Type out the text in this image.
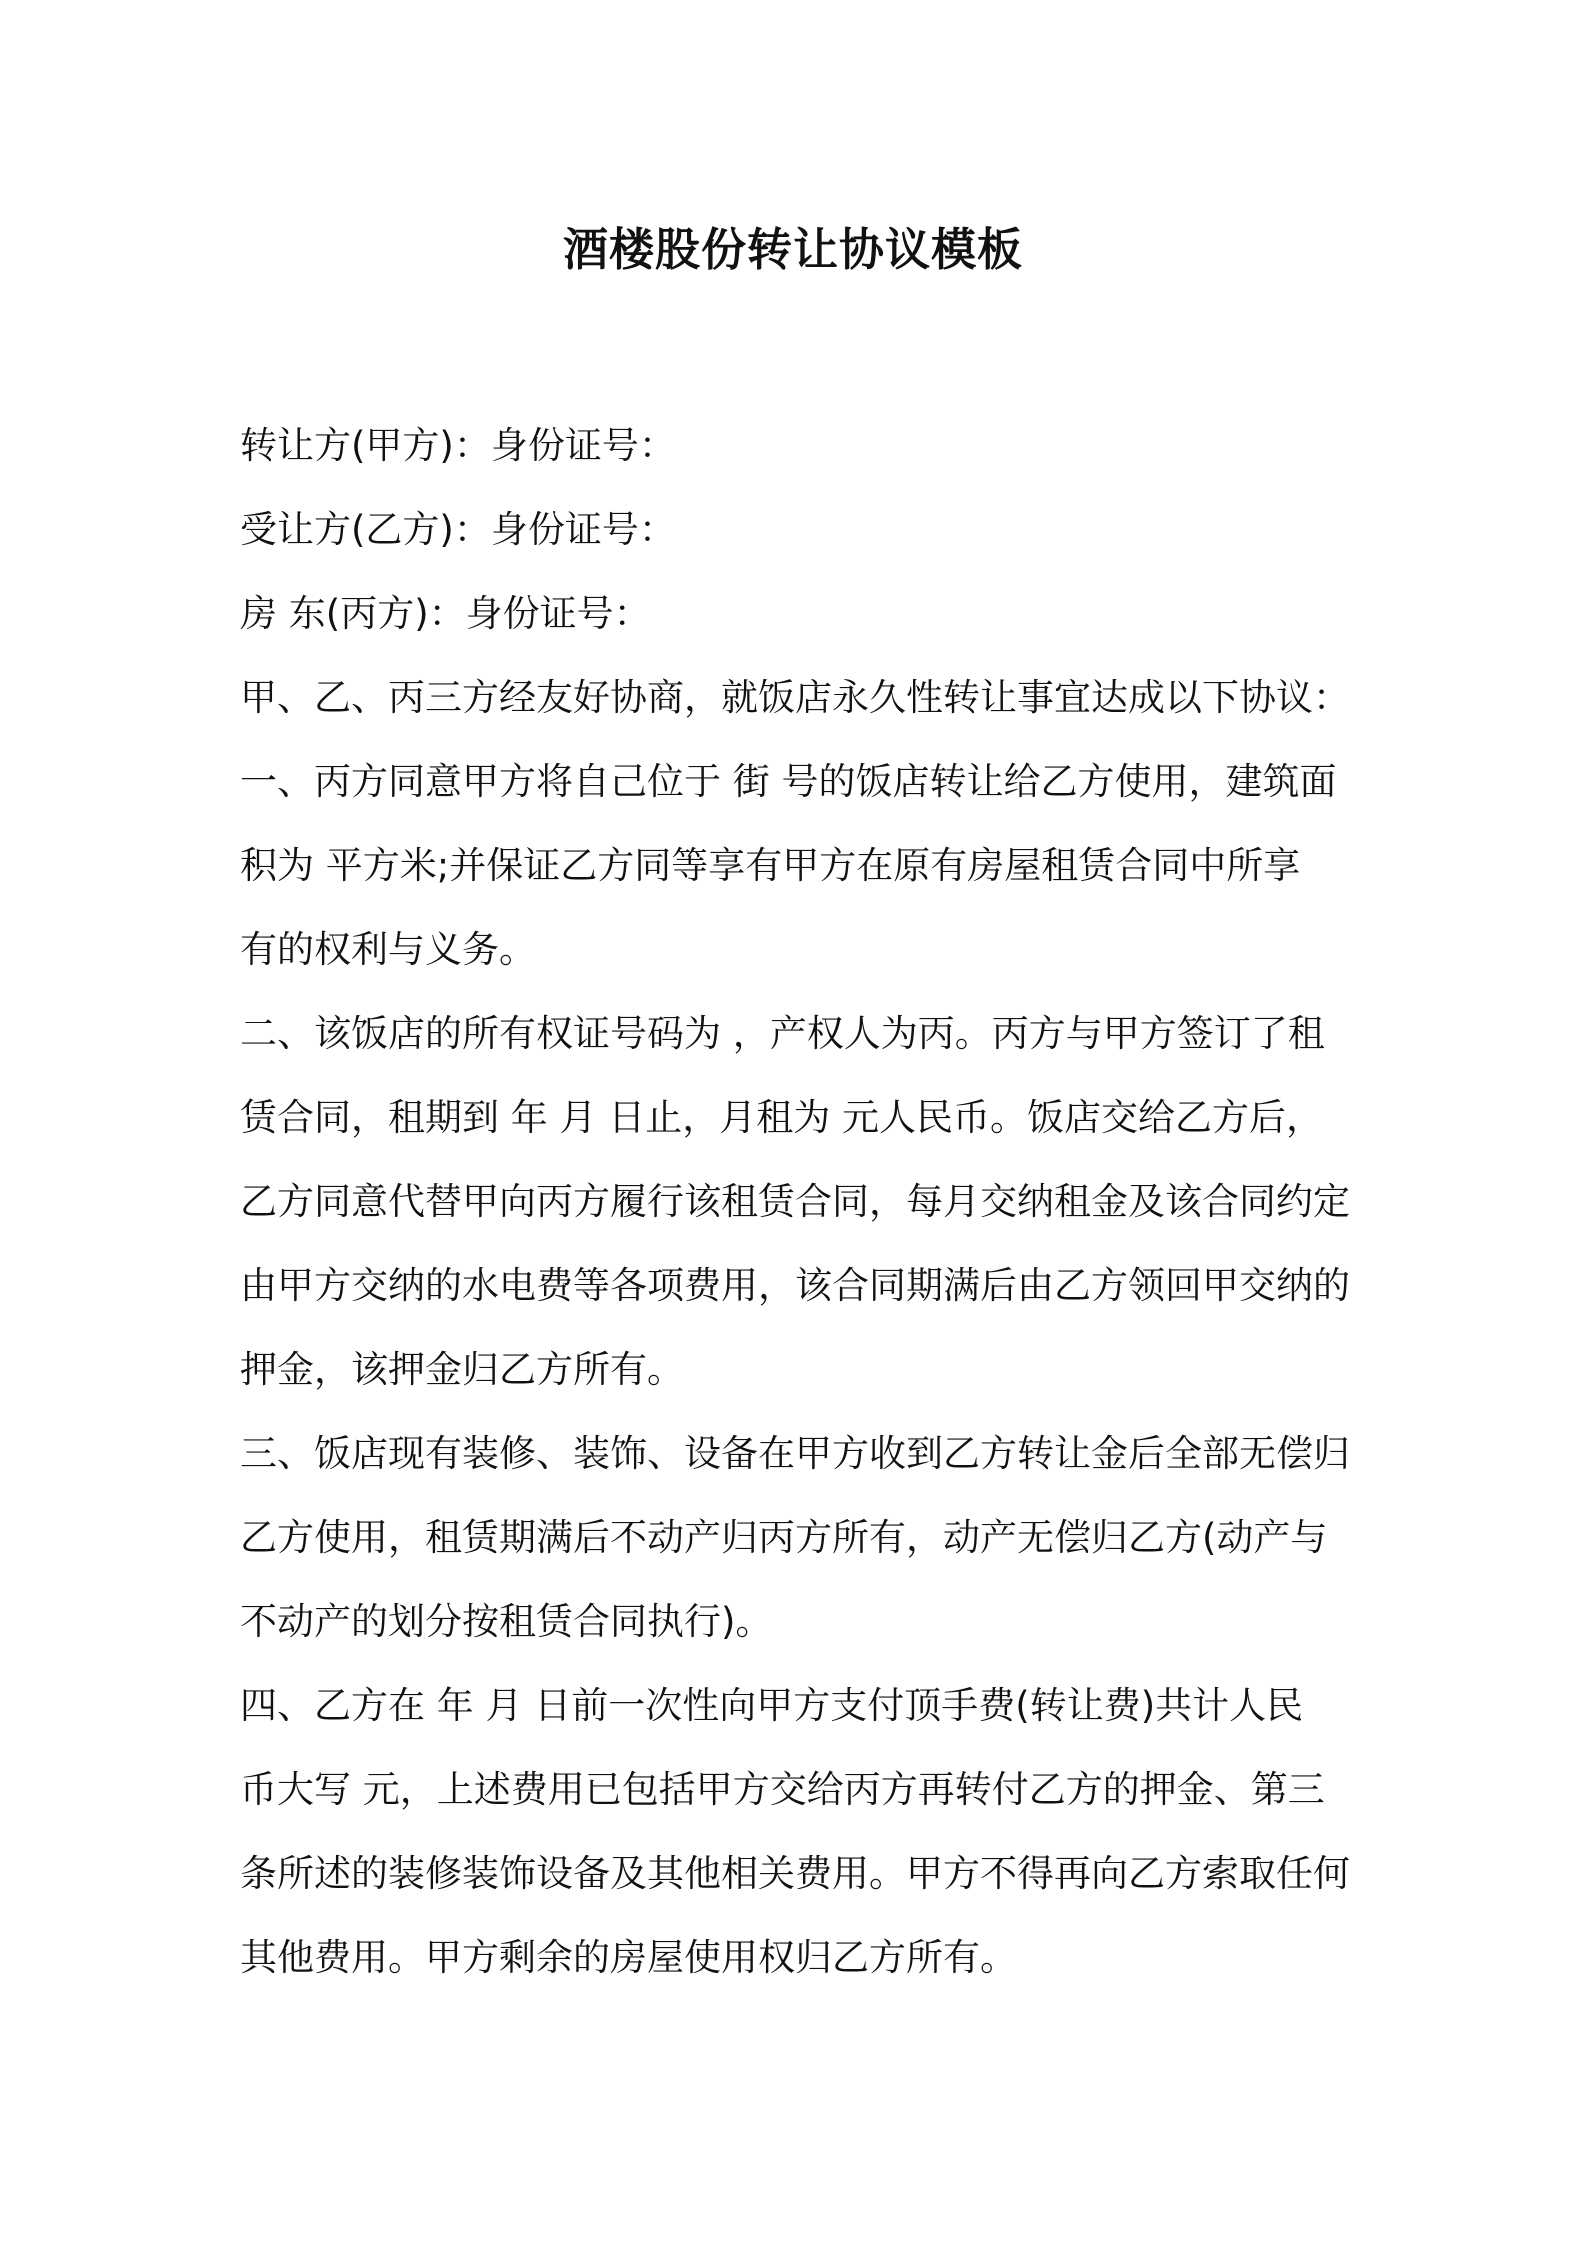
酒楼股份转让协议模板

转让方(甲方)：身份证号：

受让方(乙方)：身份证号：

房 东(丙方)：身份证号：

甲、乙、丙三方经友好协商，就饭店永久性转让事宜达成以下协议：

一、丙方同意甲方将自己位于 街 号的饭店转让给乙方使用，建筑面

积为 平方米;并保证乙方同等享有甲方在原有房屋租赁合同中所享

有的权利与义务。

二、该饭店的所有权证号码为 ，产权人为丙。丙方与甲方签订了租

赁合同，租期到 年 月 日止，月租为 元人民币。饭店交给乙方后，

乙方同意代替甲向丙方履行该租赁合同，每月交纳租金及该合同约定

由甲方交纳的水电费等各项费用，该合同期满后由乙方领回甲交纳的

押金，该押金归乙方所有。

三、饭店现有装修、装饰、设备在甲方收到乙方转让金后全部无偿归

乙方使用，租赁期满后不动产归丙方所有，动产无偿归乙方(动产与

不动产的划分按租赁合同执行)。

四、乙方在 年 月 日前一次性向甲方支付顶手费(转让费)共计人民

币大写 元，上述费用已包括甲方交给丙方再转付乙方的押金、第三

条所述的装修装饰设备及其他相关费用。甲方不得再向乙方索取任何

其他费用。甲方剩余的房屋使用权归乙方所有。
